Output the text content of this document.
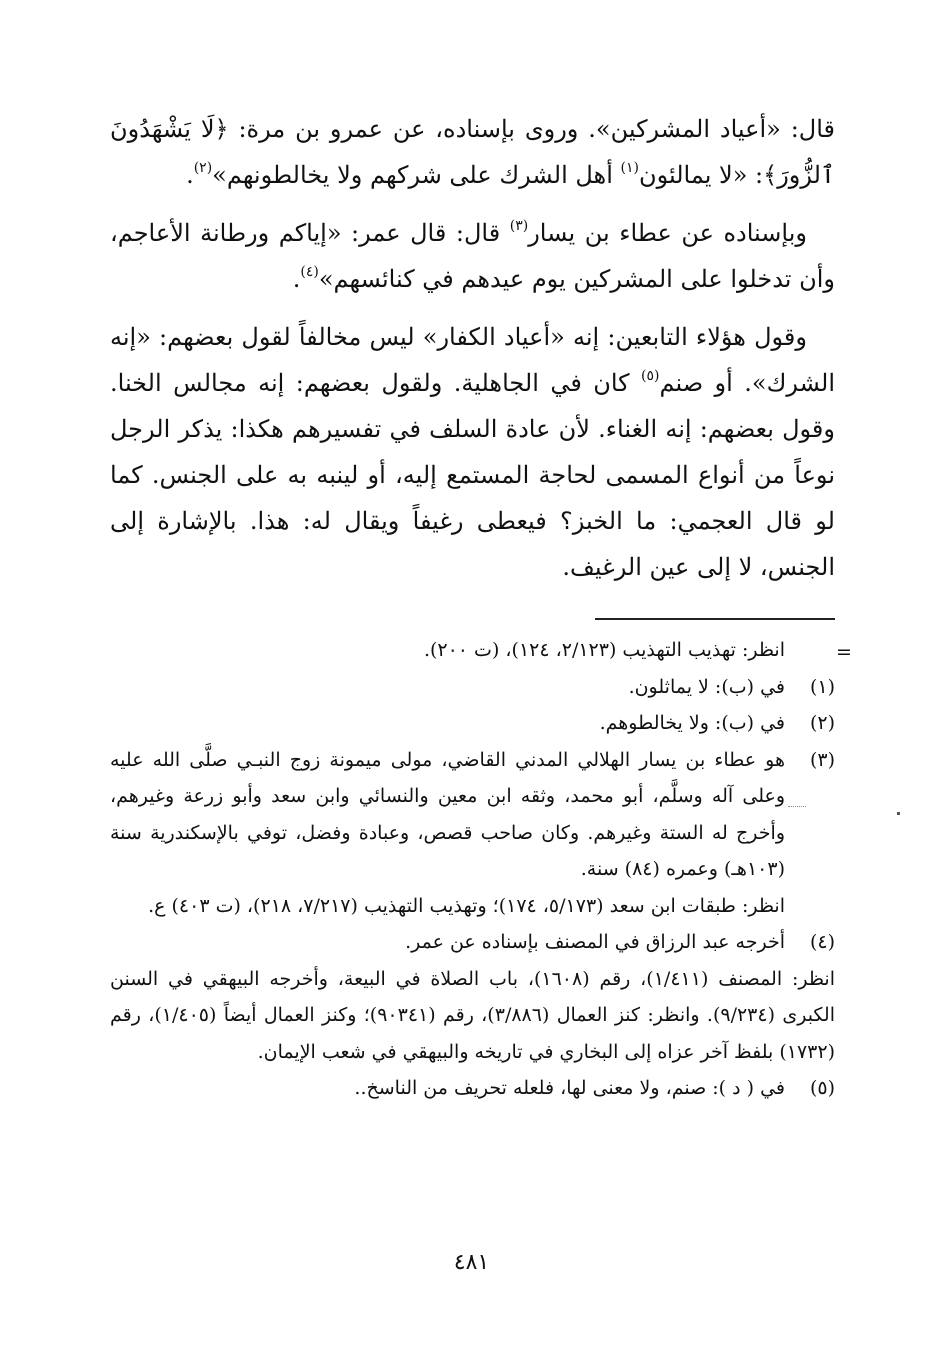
قال: «أعياد المشركين». وروى بإسناده، عن عمرو بن مرة: ﴿لَا يَشْهَدُونَ ٱلزُّورَ﴾: «لا يمالئون$^{(١)}$ أهل الشرك على شركهم ولا يخالطونهم»$^{(٢)}$.

وبإسناده عن عطاء بن يسار$^{(٣)}$ قال: قال عمر: «إياكم ورطانة الأعاجم، وأن تدخلوا على المشركين يوم عيدهم في كنائسهم»$^{(٤)}$.

وقول هؤلاء التابعين: إنه «أعياد الكفار» ليس مخالفاً لقول بعضهم: «إنه الشرك». أو صنم$^{(٥)}$ كان في الجاهلية. ولقول بعضهم: إنه مجالس الخنا. وقول بعضهم: إنه الغناء. لأن عادة السلف في تفسيرهم هكذا: يذكر الرجل نوعاً من أنواع المسمى لحاجة المستمع إليه، أو لينبه به على الجنس. كما لو قال العجمي: ما الخبز؟ فيعطى رغيفاً ويقال له: هذا. بالإشارة إلى الجنس، لا إلى عين الرغيف.

=
انظر: تهذيب التهذيب (٢/١٢٣، ١٢٤)، (ت ٢٠٠).
(١)
في (ب): لا يماثلون.
(٢)
في (ب): ولا يخالطوهم.
(٣)

هو عطاء بن يسار الهلالي المدني القاضي، مولى ميمونة زوج النبـي صلَّى الله عليه وعلى آله وسلَّم، أبو محمد، وثقه ابن معين والنسائي وابن سعد وأبو زرعة وغيرهم، وأخرج له الستة وغيرهم. وكان صاحب قصص، وعبادة وفضل، توفي بالإسكندرية سنة (١٠٣هـ) وعمره (٨٤) سنة.

انظر: طبقات ابن سعد (٥/١٧٣، ١٧٤)؛ وتهذيب التهذيب (٧/٢١٧، ٢١٨)، (ت ٤٠٣) ع.

(٤)
أخرجه عبد الرزاق في المصنف بإسناده عن عمر.
انظر: المصنف (١/٤١١)، رقم (١٦٠٨)، باب الصلاة في البيعة، وأخرجه البيهقي في السنن الكبرى (٩/٢٣٤). وانظر: كنز العمال (٣/٨٨٦)، رقم (٩٠٣٤١)؛ وكنز العمال أيضاً (١/٤٠٥)، رقم (١٧٣٢) بلفظ آخر عزاه إلى البخاري في تاريخه والبيهقي في شعب الإيمان.
(٥)
في ( د ): صنم، ولا معنى لها، فلعله تحريف من الناسخ..
٤٨١
